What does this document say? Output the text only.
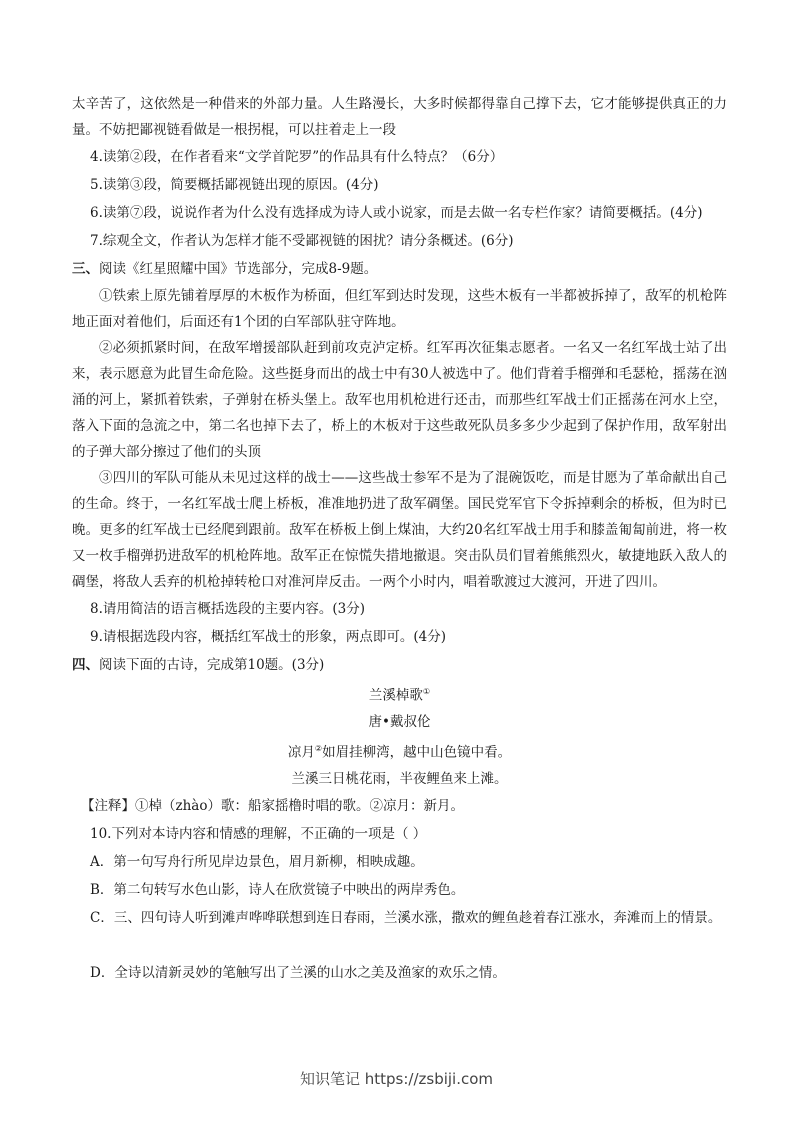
太辛苦了，这依然是一种借来的外部力量。人生路漫长，大多时候都得靠自己撑下去，它才能够提供真正的力量。不妨把鄙视链看做是一根拐棍，可以拄着走上一段

4.读第②段，在作者看来“文学首陀罗”的作品具有什么特点？（6分）
5.读第③段，简要概括鄙视链出现的原因。(4分)
6.读第⑦段，说说作者为什么没有选择成为诗人或小说家，而是去做一名专栏作家？请简要概括。(4分)
7.综观全文，作者认为怎样才能不受鄙视链的困扰？请分条概述。(6分)
三、阅读《红星照耀中国》节选部分，完成8-9题。

①铁索上原先铺着厚厚的木板作为桥面，但红军到达时发现，这些木板有一半都被拆掉了，敌军的机枪阵地正面对着他们，后面还有1个团的白军部队驻守阵地。

②必须抓紧时间，在敌军增援部队赶到前攻克泸定桥。红军再次征集志愿者。一名又一名红军战士站了出来，表示愿意为此冒生命危险。这些挺身而出的战士中有30人被选中了。他们背着手榴弹和毛瑟枪，摇荡在汹涌的河上，紧抓着铁索，子弹射在桥头堡上。敌军也用机枪进行还击，而那些红军战士们正摇荡在河水上空，落入下面的急流之中，第二名也掉下去了，桥上的木板对于这些敢死队员多多少少起到了保护作用，敌军射出的子弹大部分擦过了他们的头顶

③四川的军队可能从未见过这样的战士——这些战士参军不是为了混碗饭吃，而是甘愿为了革命献出自己的生命。终于，一名红军战士爬上桥板，准准地扔进了敌军碉堡。国民党军官下令拆掉剩余的桥板，但为时已晚。更多的红军战士已经爬到跟前。敌军在桥板上倒上煤油，大约20名红军战士用手和膝盖匍匐前进，将一枚又一枚手榴弹扔进敌军的机枪阵地。敌军正在惊慌失措地撤退。突击队员们冒着熊熊烈火，敏捷地跃入敌人的碉堡，将敌人丢弃的机枪掉转枪口对准河岸反击。一两个小时内，唱着歌渡过大渡河，开进了四川。

8.请用简洁的语言概括选段的主要内容。(3分)
9.请根据选段内容，概括红军战士的形象，两点即可。(4分)
四、阅读下面的古诗，完成第10题。(3分)
兰溪棹歌①
唐•戴叔伦
凉月②如眉挂柳湾，越中山色镜中看。
兰溪三日桃花雨，半夜鲤鱼来上滩。
【注释】①棹（zhào）歌：船家摇橹时唱的歌。②凉月：新月。
10.下列对本诗内容和情感的理解，不正确的一项是（ ）
A．第一句写舟行所见岸边景色，眉月新柳，相映成趣。
B．第二句转写水色山影，诗人在欣赏镜子中映出的两岸秀色。
C．三、四句诗人听到滩声哗哗联想到连日春雨，兰溪水涨，撒欢的鲤鱼趁着春江涨水，奔滩而上的情景。
D．全诗以清新灵妙的笔触写出了兰溪的山水之美及渔家的欢乐之情。
知识笔记 https://zsbiji.com
